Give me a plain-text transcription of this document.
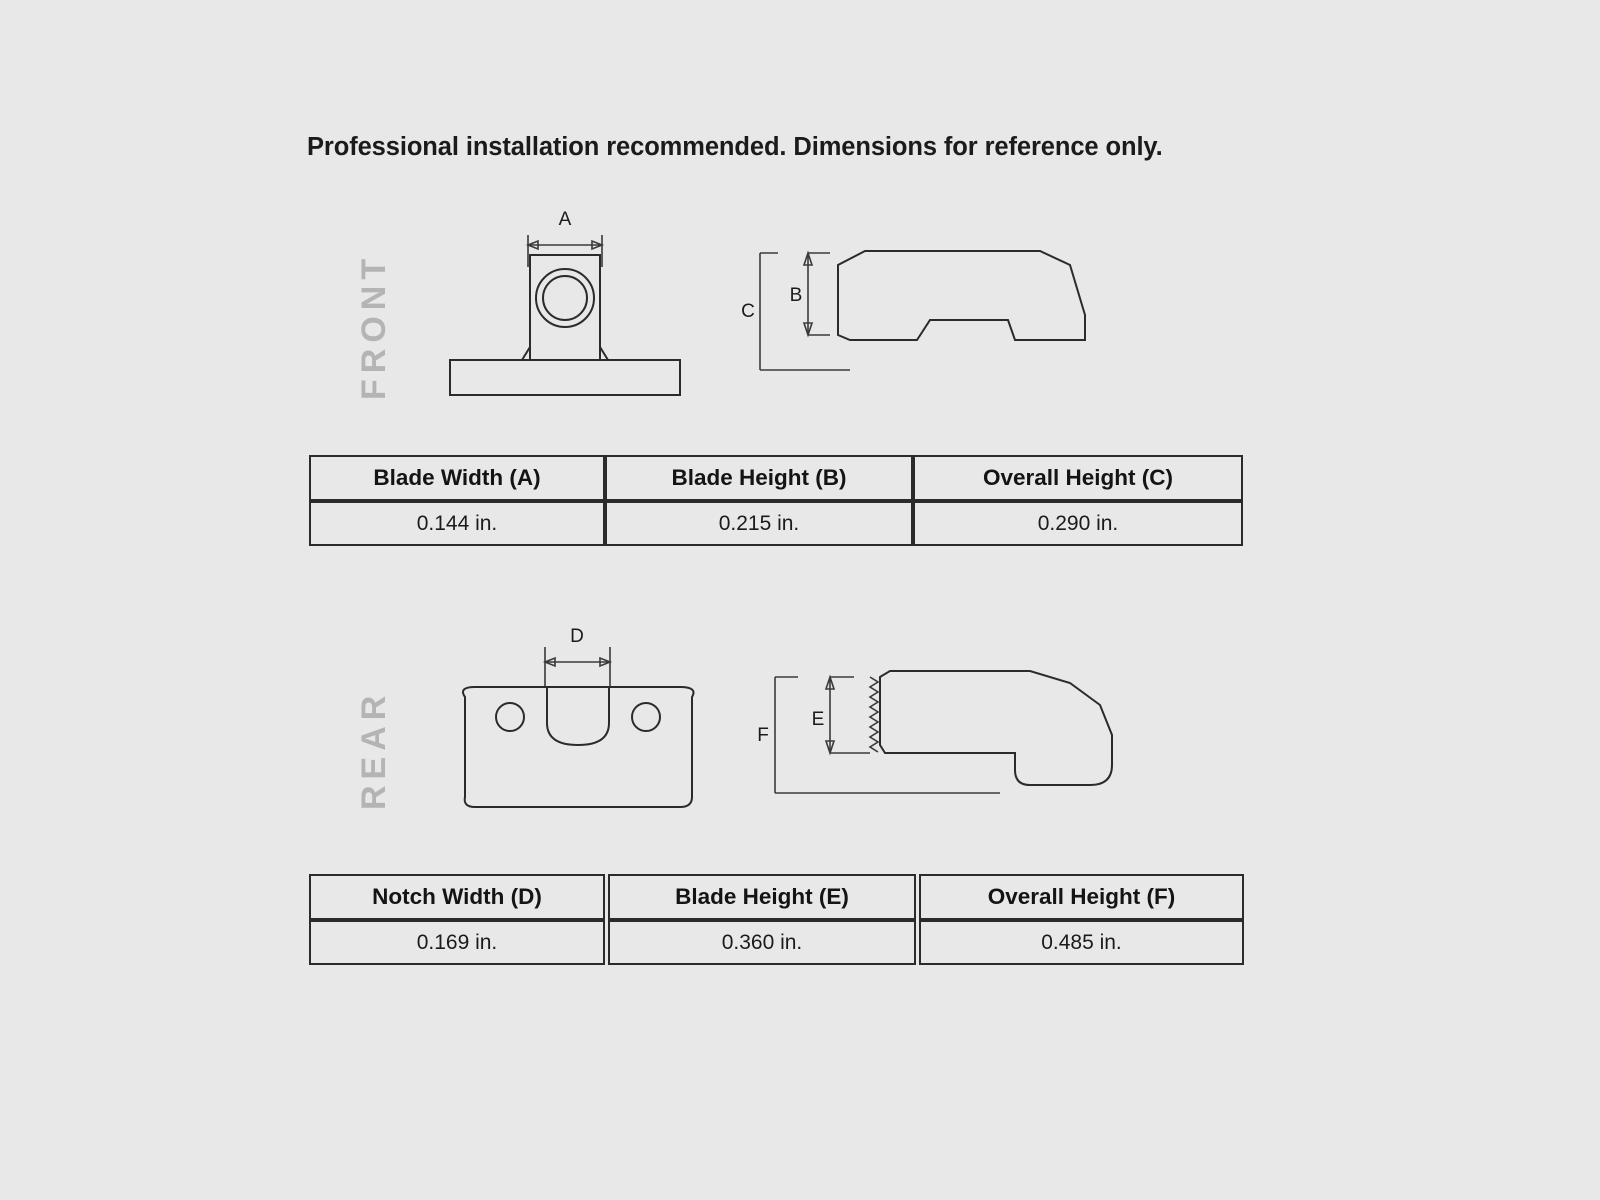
Professional installation recommended. Dimensions for reference only.
FRONT
A
C
B
Blade Width (A)	Blade Height (B)	Overall Height (C)
0.144 in.	0.215 in.	0.290 in.
REAR
D
F
E
Notch Width (D)	Blade Height (E)	Overall Height (F)
0.169 in.	0.360 in.	0.485 in.
